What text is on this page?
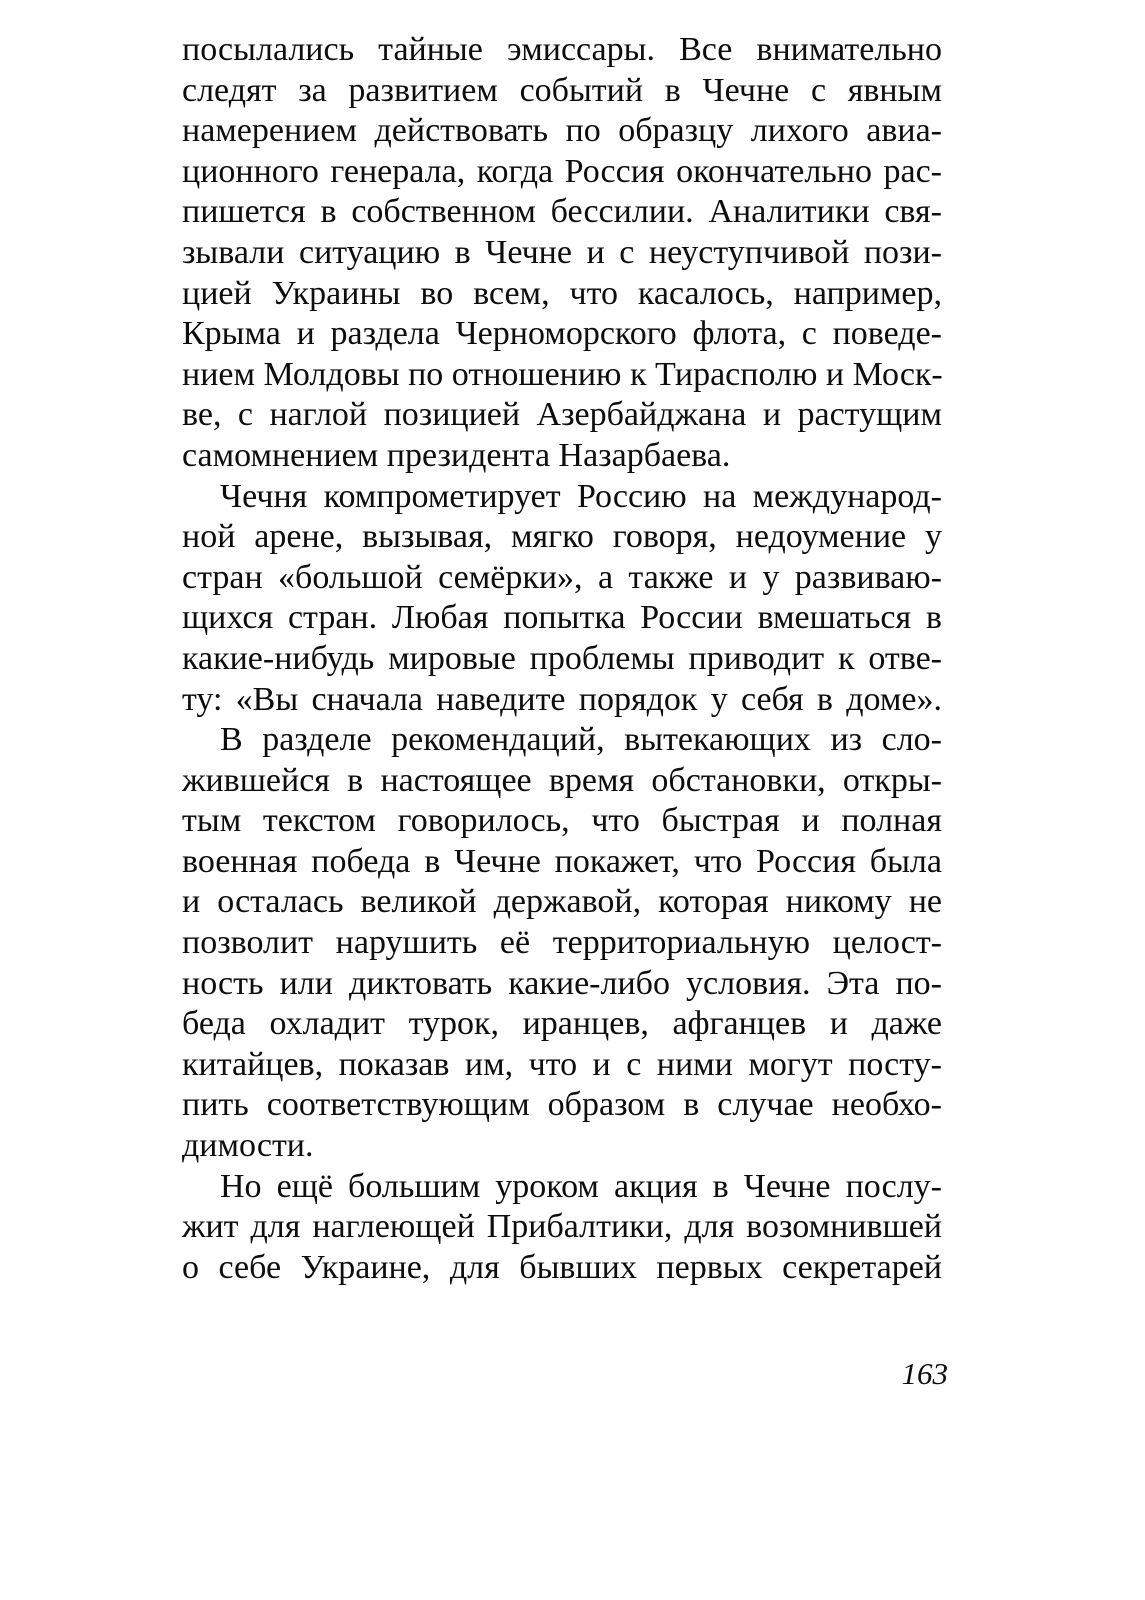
посылались тайные эмиссары. Все внимательно
следят за развитием событий в Чечне с явным
намерением действовать по образцу лихого авиа-
ционного генерала, когда Россия окончательно рас-
пишется в собственном бессилии. Аналитики свя-
зывали ситуацию в Чечне и с неуступчивой пози-
цией Украины во всем, что касалось, например,
Крыма и раздела Черноморского флота, с поведе-
нием Молдовы по отношению к Тирасполю и Моск-
ве, с наглой позицией Азербайджана и растущим
самомнением президента Назарбаева.
Чечня компрометирует Россию на международ-
ной арене, вызывая, мягко говоря, недоумение у
стран «большой семёрки», а также и у развиваю-
щихся стран. Любая попытка России вмешаться в
какие-нибудь мировые проблемы приводит к отве-
ту: «Вы сначала наведите порядок у себя в доме».
В разделе рекомендаций, вытекающих из сло-
жившейся в настоящее время обстановки, откры-
тым текстом говорилось, что быстрая и полная
военная победа в Чечне покажет, что Россия была
и осталась великой державой, которая никому не
позволит нарушить её территориальную целост-
ность или диктовать какие-либо условия. Эта по-
беда охладит турок, иранцев, афганцев и даже
китайцев, показав им, что и с ними могут посту-
пить соответствующим образом в случае необхо-
димости.
Но ещё большим уроком акция в Чечне послу-
жит для наглеющей Прибалтики, для возомнившей
о себе Украине, для бывших первых секретарей
163
